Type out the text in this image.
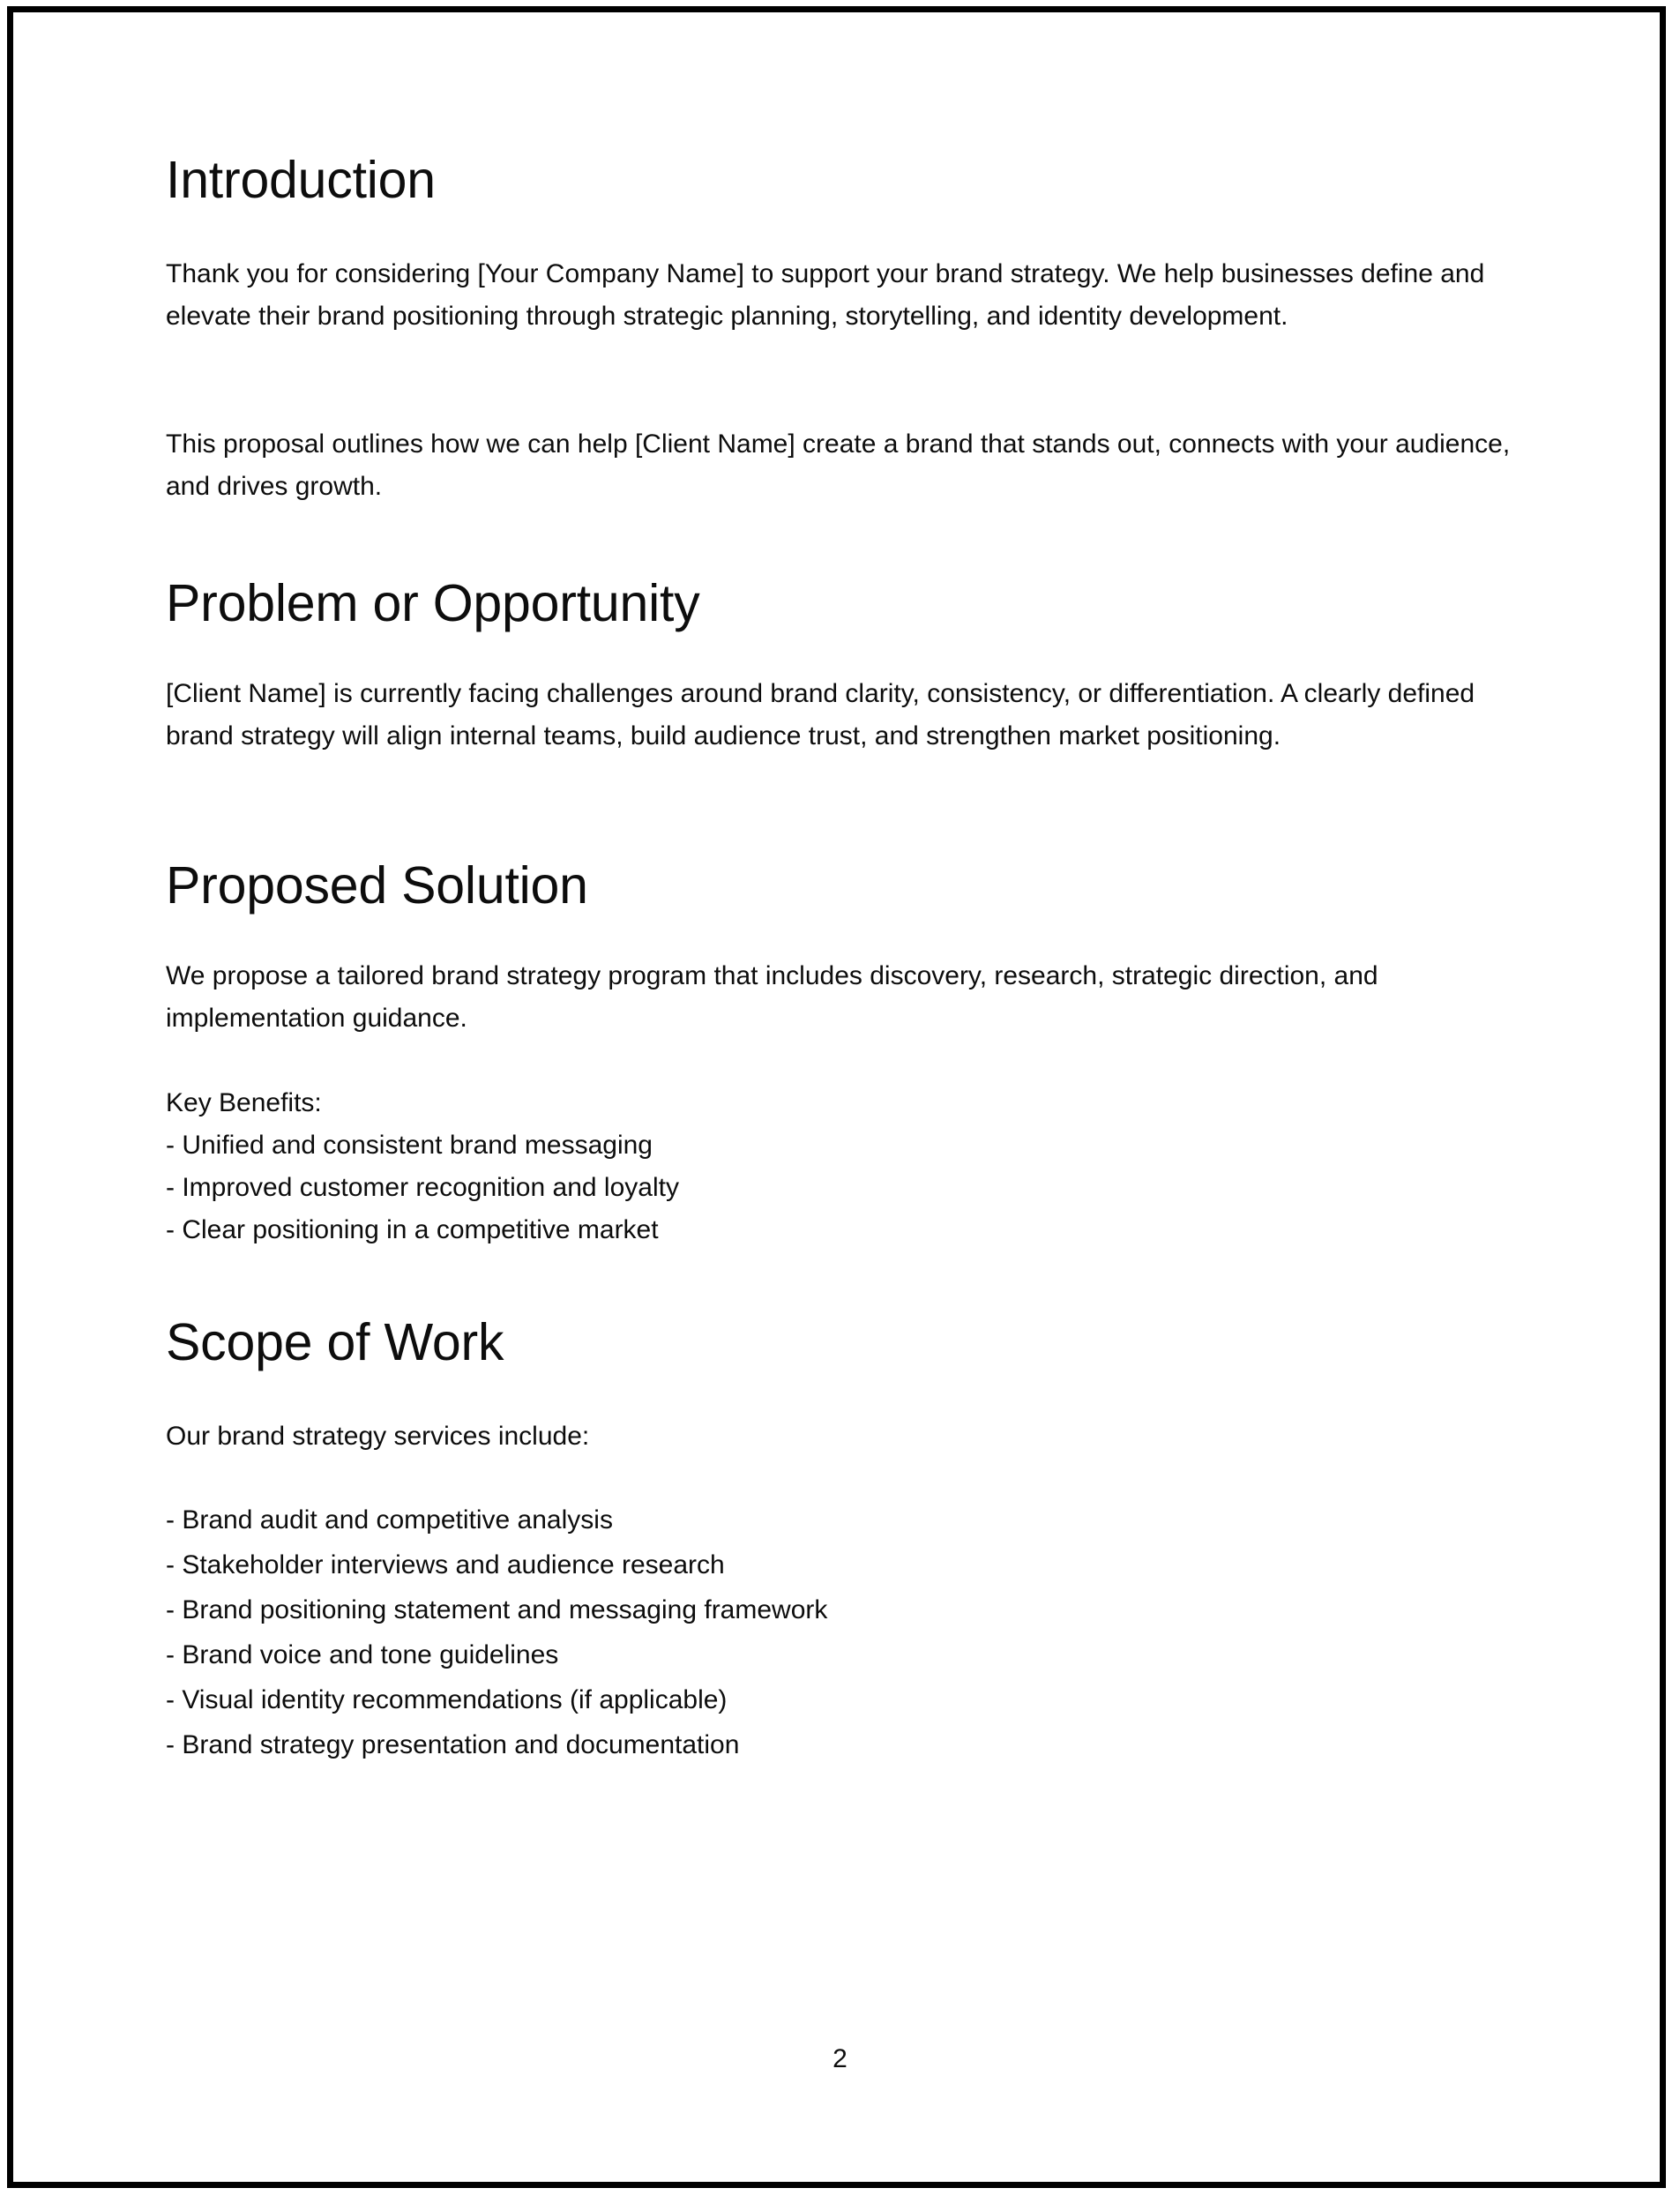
Introduction

Thank you for considering [Your Company Name] to support your brand strategy. We help businesses define and elevate their brand positioning through strategic planning, storytelling, and identity development.

This proposal outlines how we can help [Client Name] create a brand that stands out, connects with your audience, and drives growth.

Problem or Opportunity

[Client Name] is currently facing challenges around brand clarity, consistency, or differentiation. A clearly defined brand strategy will align internal teams, build audience trust, and strengthen market positioning.

Proposed Solution

We propose a tailored brand strategy program that includes discovery, research, strategic direction, and implementation guidance.

Key Benefits:
- Unified and consistent brand messaging
- Improved customer recognition and loyalty
- Clear positioning in a competitive market
Scope of Work

Our brand strategy services include:

- Brand audit and competitive analysis
- Stakeholder interviews and audience research
- Brand positioning statement and messaging framework
- Brand voice and tone guidelines
- Visual identity recommendations (if applicable)
- Brand strategy presentation and documentation
2
